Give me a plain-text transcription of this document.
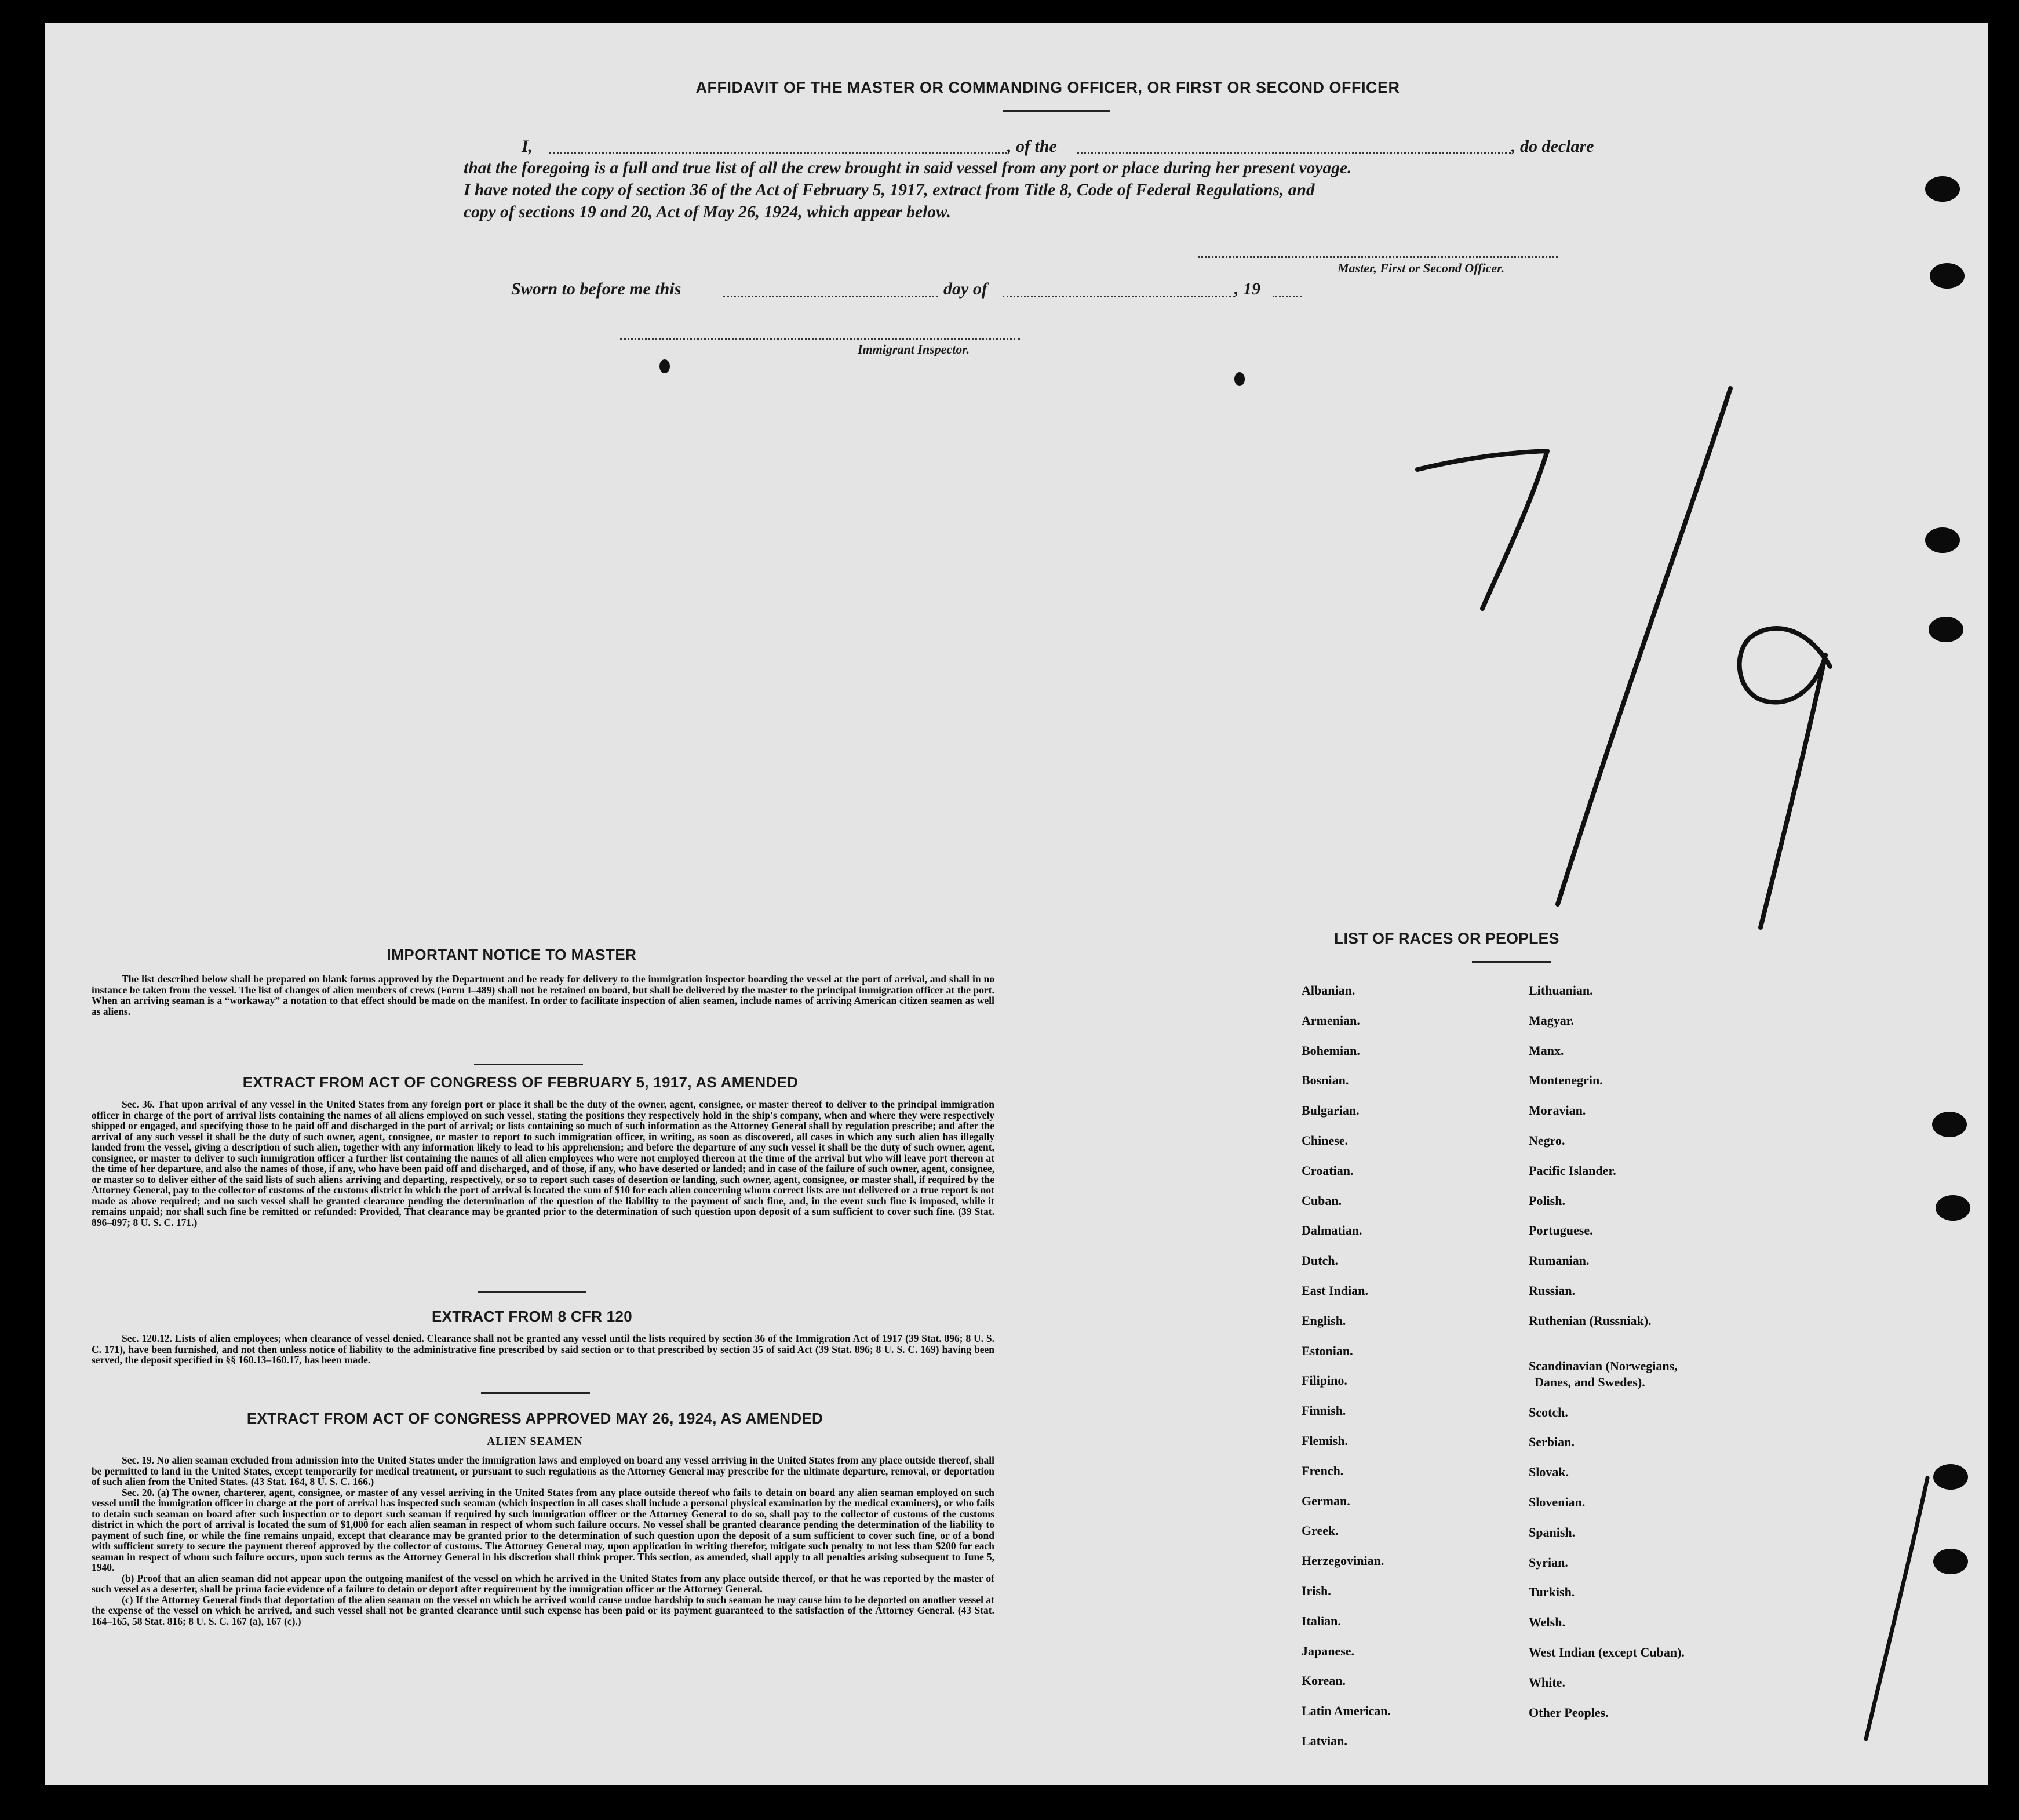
AFFIDAVIT OF THE MASTER OR COMMANDING OFFICER, OR FIRST OR SECOND OFFICER
I,	, of the	, do declare
that the foregoing is a full and true list of all the crew brought in said vessel from any port or place during her present voyage.
I have noted the copy of section 36 of the Act of February 5, 1917, extract from Title 8, Code of Federal Regulations, and
copy of sections 19 and 20, Act of May 26, 1924, which appear below.
Master, First or Second Officer.
Sworn to before me this	day of	, 19
Immigrant Inspector.
IMPORTANT NOTICE TO MASTER

The list described below shall be prepared on blank forms approved by the Department and be ready for delivery to the immigration inspector boarding the vessel at the port of arrival, and shall in no instance be taken from the vessel. The list of changes of alien members of crews (Form I–489) shall not be retained on board, but shall be delivered by the master to the principal immigration officer at the port. When an arriving seaman is a “workaway” a notation to that effect should be made on the manifest. In order to facilitate inspection of alien seamen, include names of arriving American citizen seamen as well as aliens.

EXTRACT FROM ACT OF CONGRESS OF FEBRUARY 5, 1917, AS AMENDED

Sec. 36. That upon arrival of any vessel in the United States from any foreign port or place it shall be the duty of the owner, agent, consignee, or master thereof to deliver to the principal immigration officer in charge of the port of arrival lists containing the names of all aliens employed on such vessel, stating the positions they respectively hold in the ship's company, when and where they were respectively shipped or engaged, and specifying those to be paid off and discharged in the port of arrival; or lists containing so much of such information as the Attorney General shall by regulation prescribe; and after the arrival of any such vessel it shall be the duty of such owner, agent, consignee, or master to report to such immigration officer, in writing, as soon as discovered, all cases in which any such alien has illegally landed from the vessel, giving a description of such alien, together with any information likely to lead to his apprehension; and before the departure of any such vessel it shall be the duty of such owner, agent, consignee, or master to deliver to such immigration officer a further list containing the names of all alien employees who were not employed thereon at the time of the arrival but who will leave port thereon at the time of her departure, and also the names of those, if any, who have been paid off and discharged, and of those, if any, who have deserted or landed; and in case of the failure of such owner, agent, consignee, or master so to deliver either of the said lists of such aliens arriving and departing, respectively, or so to report such cases of desertion or landing, such owner, agent, consignee, or master shall, if required by the Attorney General, pay to the collector of customs of the customs district in which the port of arrival is located the sum of $10 for each alien concerning whom correct lists are not delivered or a true report is not made as above required; and no such vessel shall be granted clearance pending the determination of the question of the liability to the payment of such fine, and, in the event such fine is imposed, while it remains unpaid; nor shall such fine be remitted or refunded: Provided, That clearance may be granted prior to the determination of such question upon deposit of a sum sufficient to cover such fine. (39 Stat. 896–897; 8 U. S. C. 171.)

EXTRACT FROM 8 CFR 120

Sec. 120.12. Lists of alien employees; when clearance of vessel denied. Clearance shall not be granted any vessel until the lists required by section 36 of the Immigration Act of 1917 (39 Stat. 896; 8 U. S. C. 171), have been furnished, and not then unless notice of liability to the administrative fine prescribed by said section or to that prescribed by section 35 of said Act (39 Stat. 896; 8 U. S. C. 169) having been served, the deposit specified in §§ 160.13–160.17, has been made.

EXTRACT FROM ACT OF CONGRESS APPROVED MAY 26, 1924, AS AMENDED
ALIEN SEAMEN

Sec. 19. No alien seaman excluded from admission into the United States under the immigration laws and employed on board any vessel arriving in the United States from any place outside thereof, shall be permitted to land in the United States, except temporarily for medical treatment, or pursuant to such regulations as the Attorney General may prescribe for the ultimate departure, removal, or deportation of such alien from the United States. (43 Stat. 164, 8 U. S. C. 166.)

Sec. 20. (a) The owner, charterer, agent, consignee, or master of any vessel arriving in the United States from any place outside thereof who fails to detain on board any alien seaman employed on such vessel until the immigration officer in charge at the port of arrival has inspected such seaman (which inspection in all cases shall include a personal physical examination by the medical examiners), or who fails to detain such seaman on board after such inspection or to deport such seaman if required by such immigration officer or the Attorney General to do so, shall pay to the collector of customs of the customs district in which the port of arrival is located the sum of $1,000 for each alien seaman in respect of whom such failure occurs. No vessel shall be granted clearance pending the determination of the liability to payment of such fine, or while the fine remains unpaid, except that clearance may be granted prior to the determination of such question upon the deposit of a sum sufficient to cover such fine, or of a bond with sufficient surety to secure the payment thereof approved by the collector of customs. The Attorney General may, upon application in writing therefor, mitigate such penalty to not less than $200 for each seaman in respect of whom such failure occurs, upon such terms as the Attorney General in his discretion shall think proper. This section, as amended, shall apply to all penalties arising subsequent to June 5, 1940.

(b) Proof that an alien seaman did not appear upon the outgoing manifest of the vessel on which he arrived in the United States from any place outside thereof, or that he was reported by the master of such vessel as a deserter, shall be prima facie evidence of a failure to detain or deport after requirement by the immigration officer or the Attorney General.

(c) If the Attorney General finds that deportation of the alien seaman on the vessel on which he arrived would cause undue hardship to such seaman he may cause him to be deported on another vessel at the expense of the vessel on which he arrived, and such vessel shall not be granted clearance until such expense has been paid or its payment guaranteed to the satisfaction of the Attorney General. (43 Stat. 164–165, 58 Stat. 816; 8 U. S. C. 167 (a), 167 (c).)

LIST OF RACES OR PEOPLES
Albanian.
Armenian.
Bohemian.
Bosnian.
Bulgarian.
Chinese.
Croatian.
Cuban.
Dalmatian.
Dutch.
East Indian.
English.
Estonian.
Filipino.
Finnish.
Flemish.
French.
German.
Greek.
Herzegovinian.
Irish.
Italian.
Japanese.
Korean.
Latin American.
Latvian.
Lithuanian.
Magyar.
Manx.
Montenegrin.
Moravian.
Negro.
Pacific Islander.
Polish.
Portuguese.
Rumanian.
Russian.
Ruthenian (Russniak).
Scandinavian (Norwegians,
Danes, and Swedes).
Scotch.
Serbian.
Slovak.
Slovenian.
Spanish.
Syrian.
Turkish.
Welsh.
West Indian (except Cuban).
White.
Other Peoples.
